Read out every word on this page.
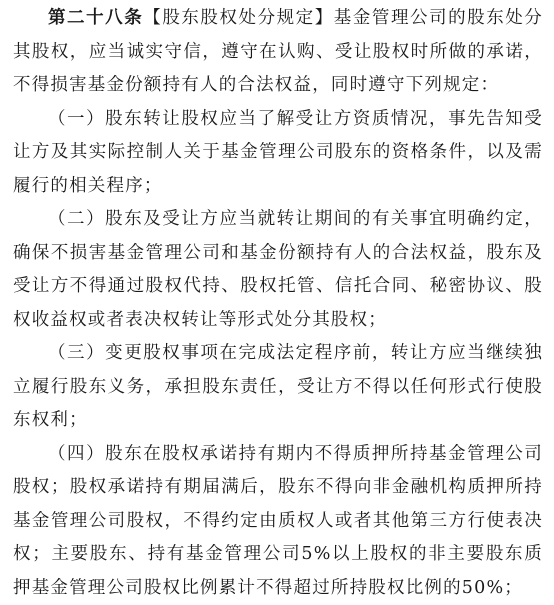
第二十八条【股东股权处分规定】基金管理公司的股东处分其股权，应当诚实守信，遵守在认购、受让股权时所做的承诺，不得损害基金份额持有人的合法权益，同时遵守下列规定：

（一）股东转让股权应当了解受让方资质情况，事先告知受让方及其实际控制人关于基金管理公司股东的资格条件，以及需履行的相关程序；

（二）股东及受让方应当就转让期间的有关事宜明确约定，确保不损害基金管理公司和基金份额持有人的合法权益，股东及受让方不得通过股权代持、股权托管、信托合同、秘密协议、股权收益权或者表决权转让等形式处分其股权；

（三）变更股权事项在完成法定程序前，转让方应当继续独立履行股东义务，承担股东责任，受让方不得以任何形式行使股东权利；

（四）股东在股权承诺持有期内不得质押所持基金管理公司股权；股权承诺持有期届满后，股东不得向非金融机构质押所持基金管理公司股权，不得约定由质权人或者其他第三方行使表决权；主要股东、持有基金管理公司5%以上股权的非主要股东质押基金管理公司股权比例累计不得超过所持股权比例的50%；
